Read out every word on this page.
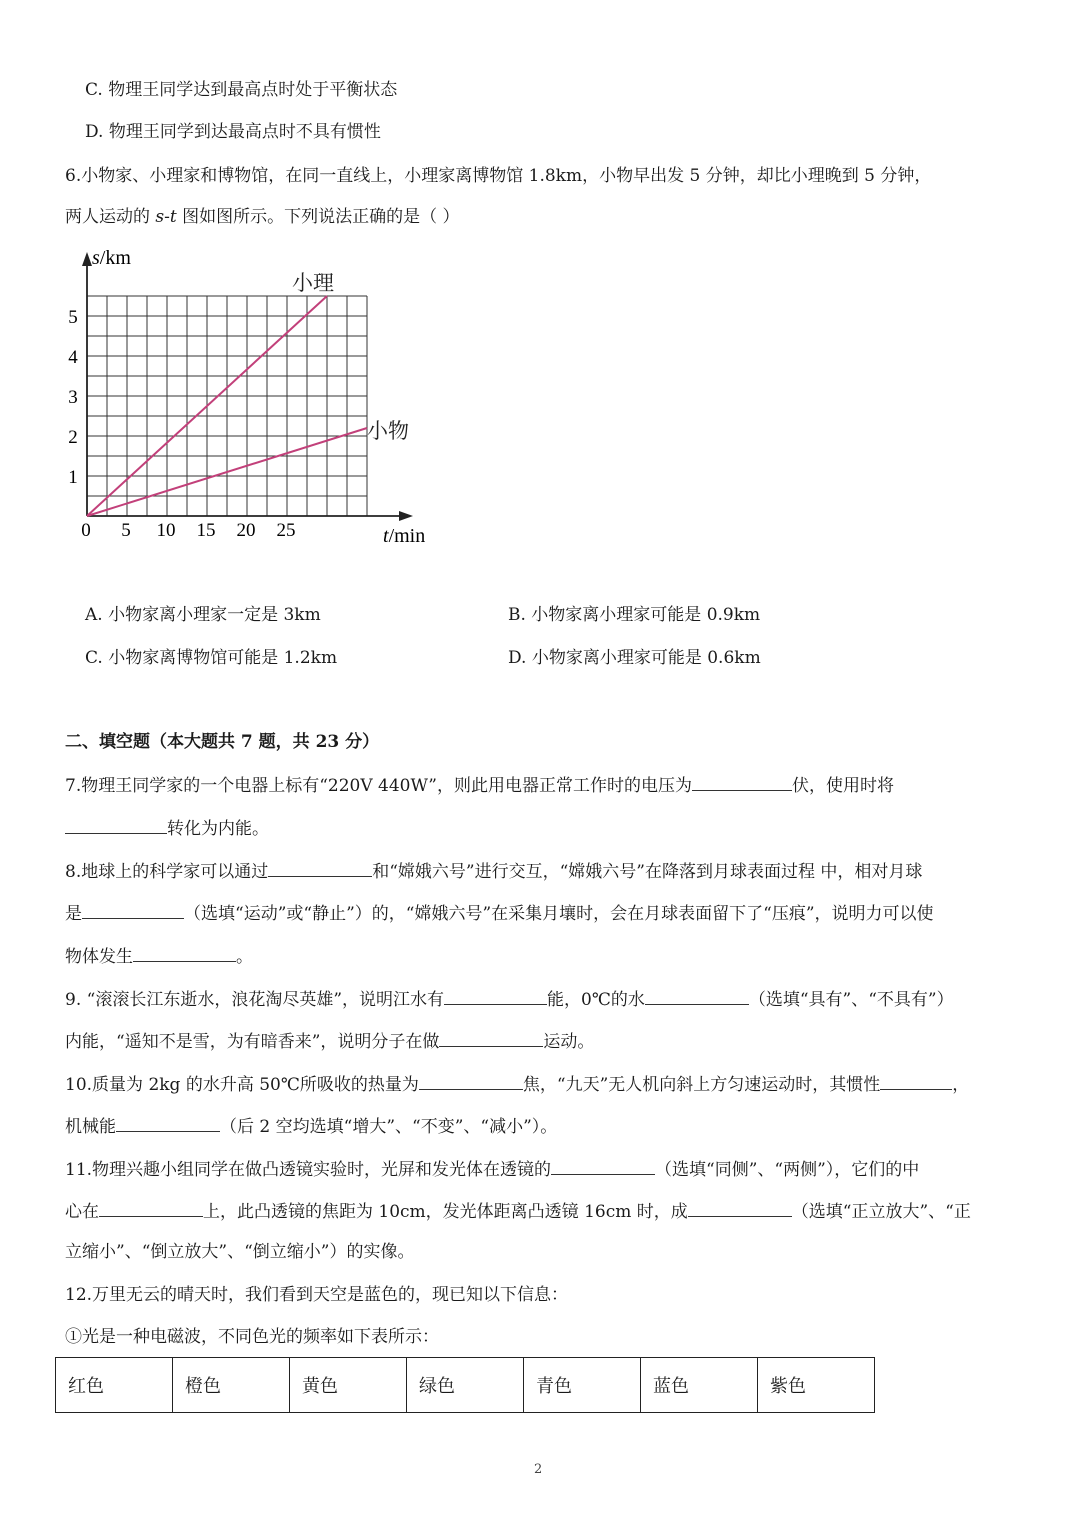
C. 物理王同学达到最高点时处于平衡状态
D. 物理王同学到达最高点时不具有惯性
6.小物家、小理家和博物馆，在同一直线上，小理家离博物馆 1.8km，小物早出发 5 分钟，却比小理晚到 5 分钟，
两人运动的 s-t 图如图所示。下列说法正确的是（ ）
s/km
t/min
0 5 10 15 20 25
1
2
3
4
5
小理
小物
A. 小物家离小理家一定是 3km	B. 小物家离小理家可能是 0.9km
C. 小物家离博物馆可能是 1.2km	D. 小物家离小理家可能是 0.6km
二、填空题（本大题共 7 题，共 23 分）
7.物理王同学家的一个电器上标有“220V 440W”，则此用电器正常工作时的电压为	伏，使用时将
转化为内能。
8.地球上的科学家可以通过	和“嫦娥六号”进行交互，“嫦娥六号”在降落到月球表面过程 中，相对月球
是	（选填“运动”或“静止”）的，“嫦娥六号”在采集月壤时，会在月球表面留下了“压痕”，说明力可以使
物体发生	。
9. “滚滚长江东逝水，浪花淘尽英雄”，说明江水有	能，0℃的水	（选填“具有”、“不具有”）
内能，“遥知不是雪，为有暗香来”，说明分子在做	运动。
10.质量为 2kg 的水升高 50℃所吸收的热量为	焦，“九天”无人机向斜上方匀速运动时，其惯性	，
机械能	（后 2 空均选填“增大”、“不变”、“减小”）。
11.物理兴趣小组同学在做凸透镜实验时，光屏和发光体在透镜的	（选填“同侧”、“两侧”），它们的中
心在	上，此凸透镜的焦距为 10cm，发光体距离凸透镜 16cm 时，成	（选填“正立放大”、“正
立缩小”、“倒立放大”、“倒立缩小”）的实像。
12.万里无云的晴天时，我们看到天空是蓝色的，现已知以下信息：
①光是一种电磁波，不同色光的频率如下表所示：
红色	橙色	黄色	绿色	青色	蓝色	紫色
2
